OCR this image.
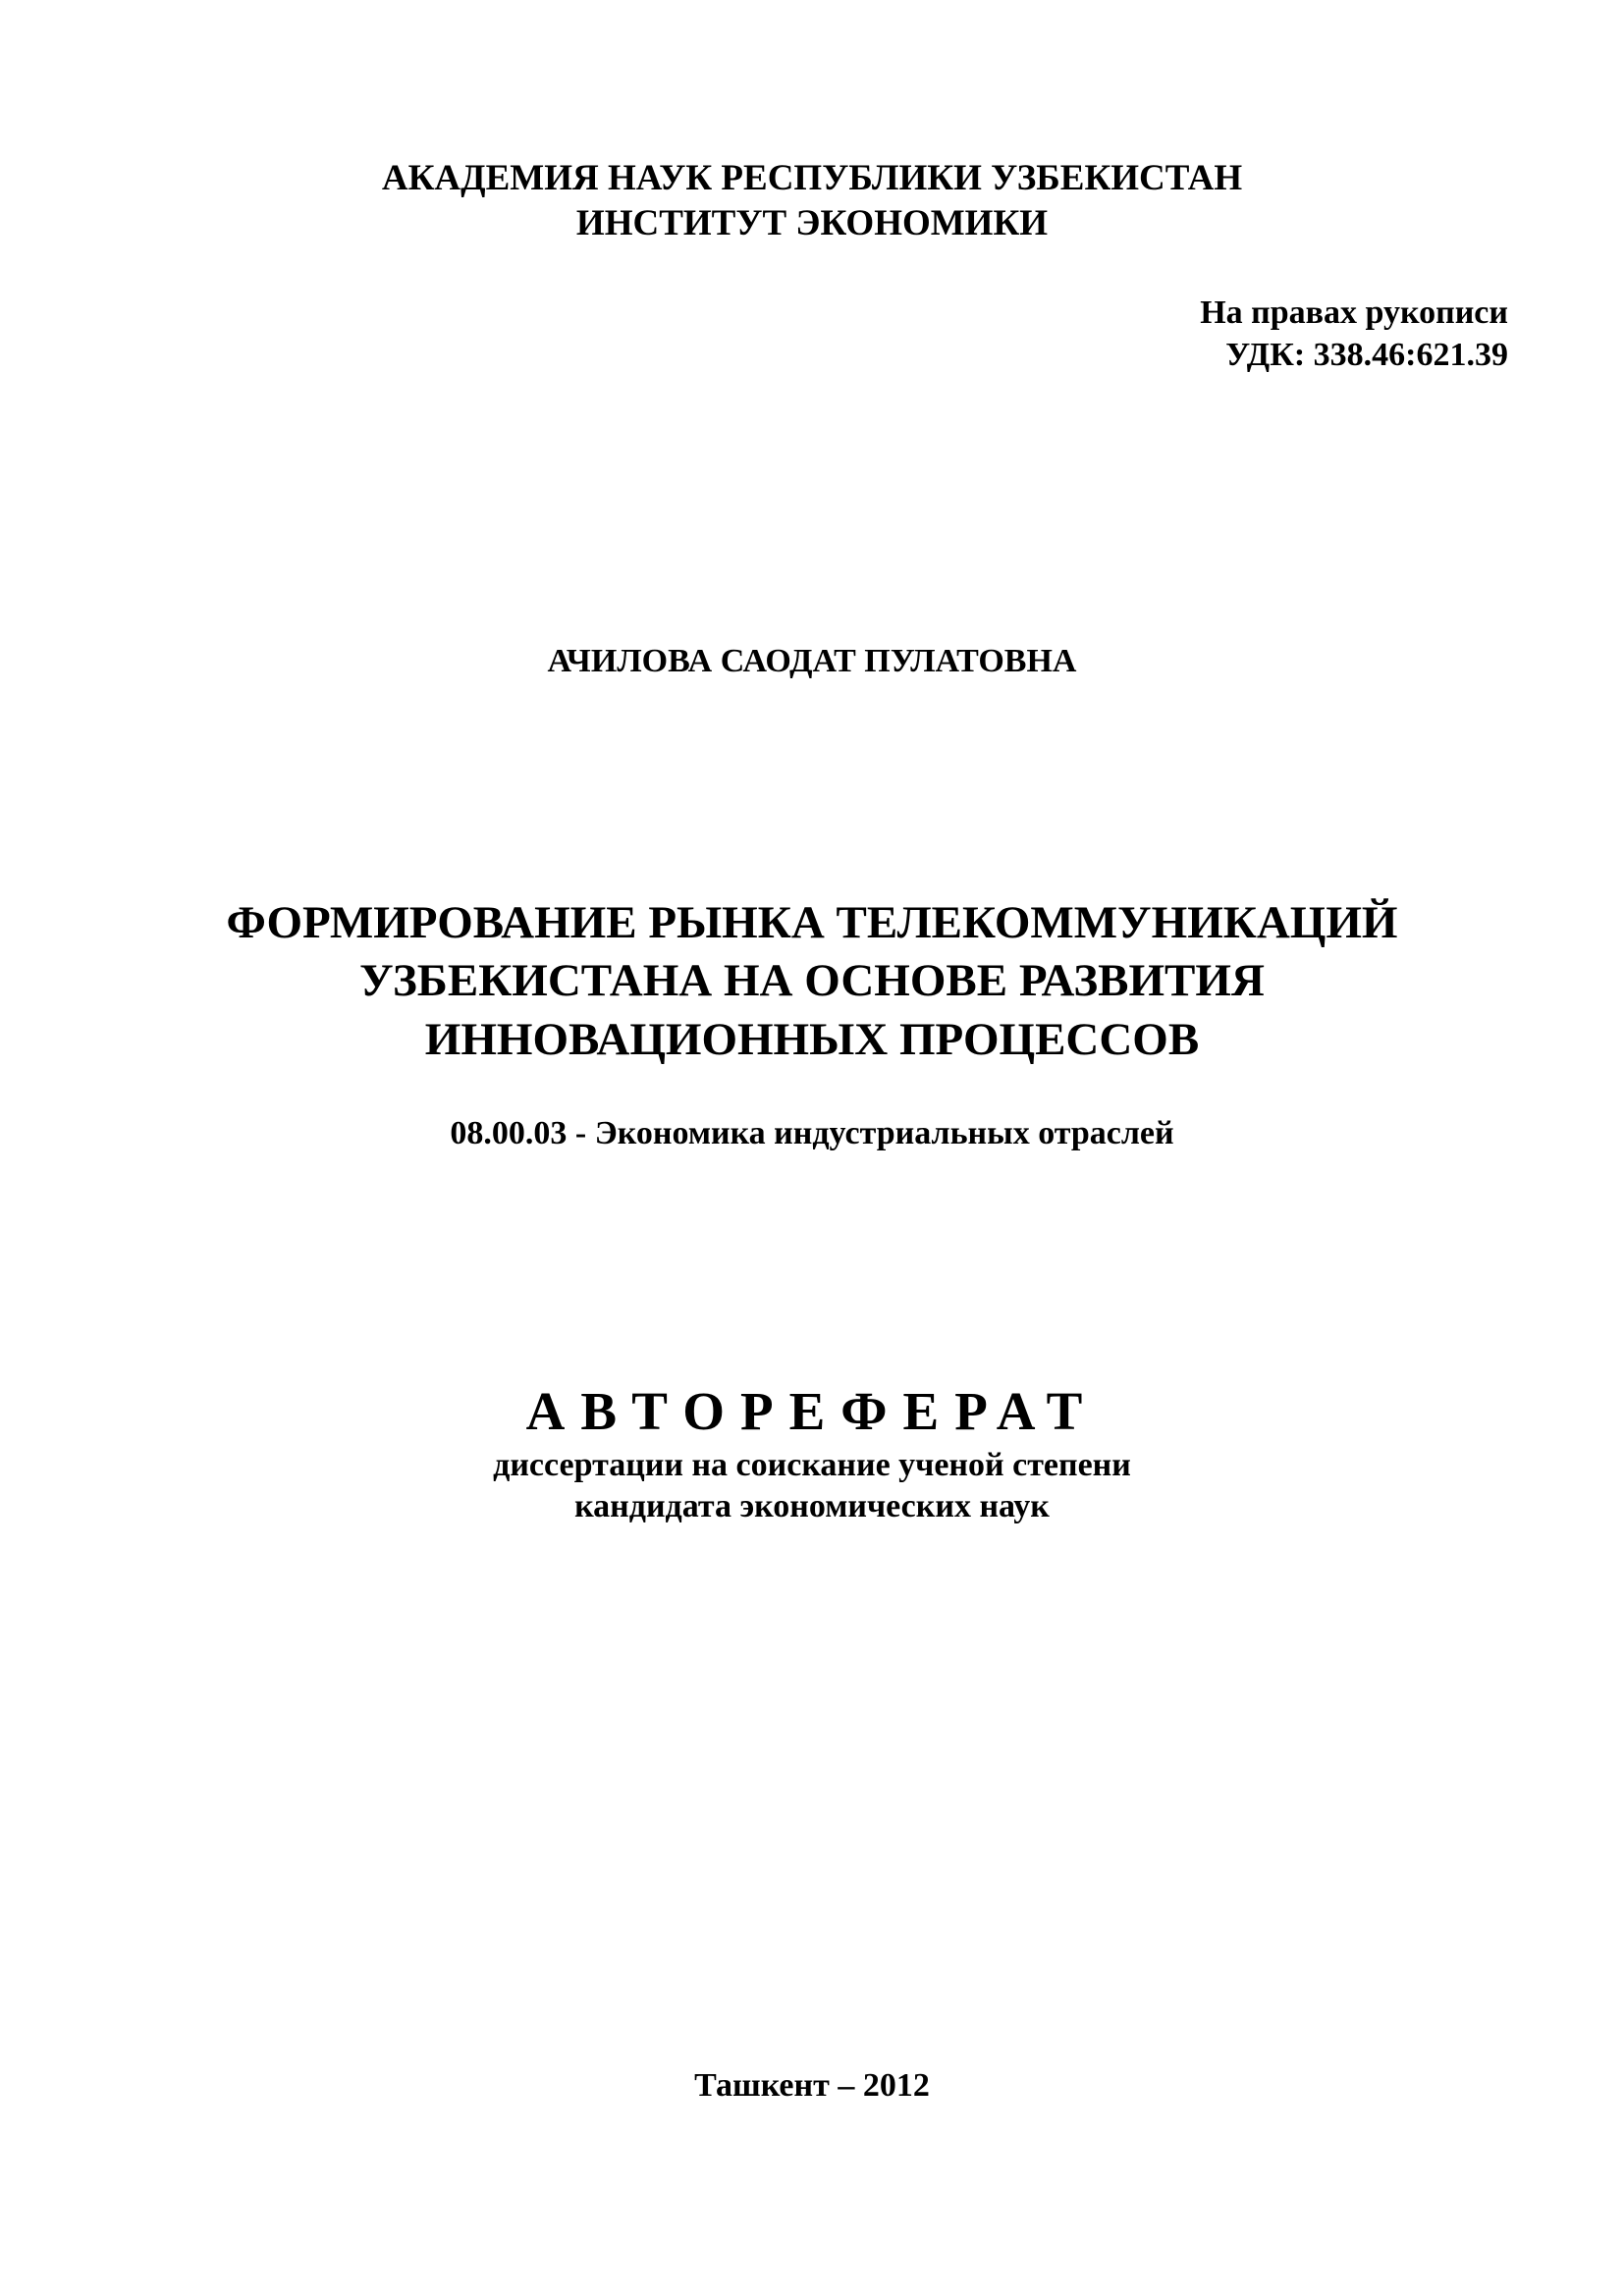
АКАДЕМИЯ НАУК РЕСПУБЛИКИ УЗБЕКИСТАН
ИНСТИТУТ ЭКОНОМИКИ
На правах рукописи
УДК: 338.46:621.39
АЧИЛОВА САОДАТ ПУЛАТОВНА
ФОРМИРОВАНИЕ РЫНКА ТЕЛЕКОММУНИКАЦИЙ
УЗБЕКИСТАНА НА ОСНОВЕ РАЗВИТИЯ
ИННОВАЦИОННЫХ ПРОЦЕССОВ
08.00.03 - Экономика индустриальных отраслей
АВТОРЕФЕРАТ
диссертации на соискание ученой степени
кандидата экономических наук
Ташкент – 2012
